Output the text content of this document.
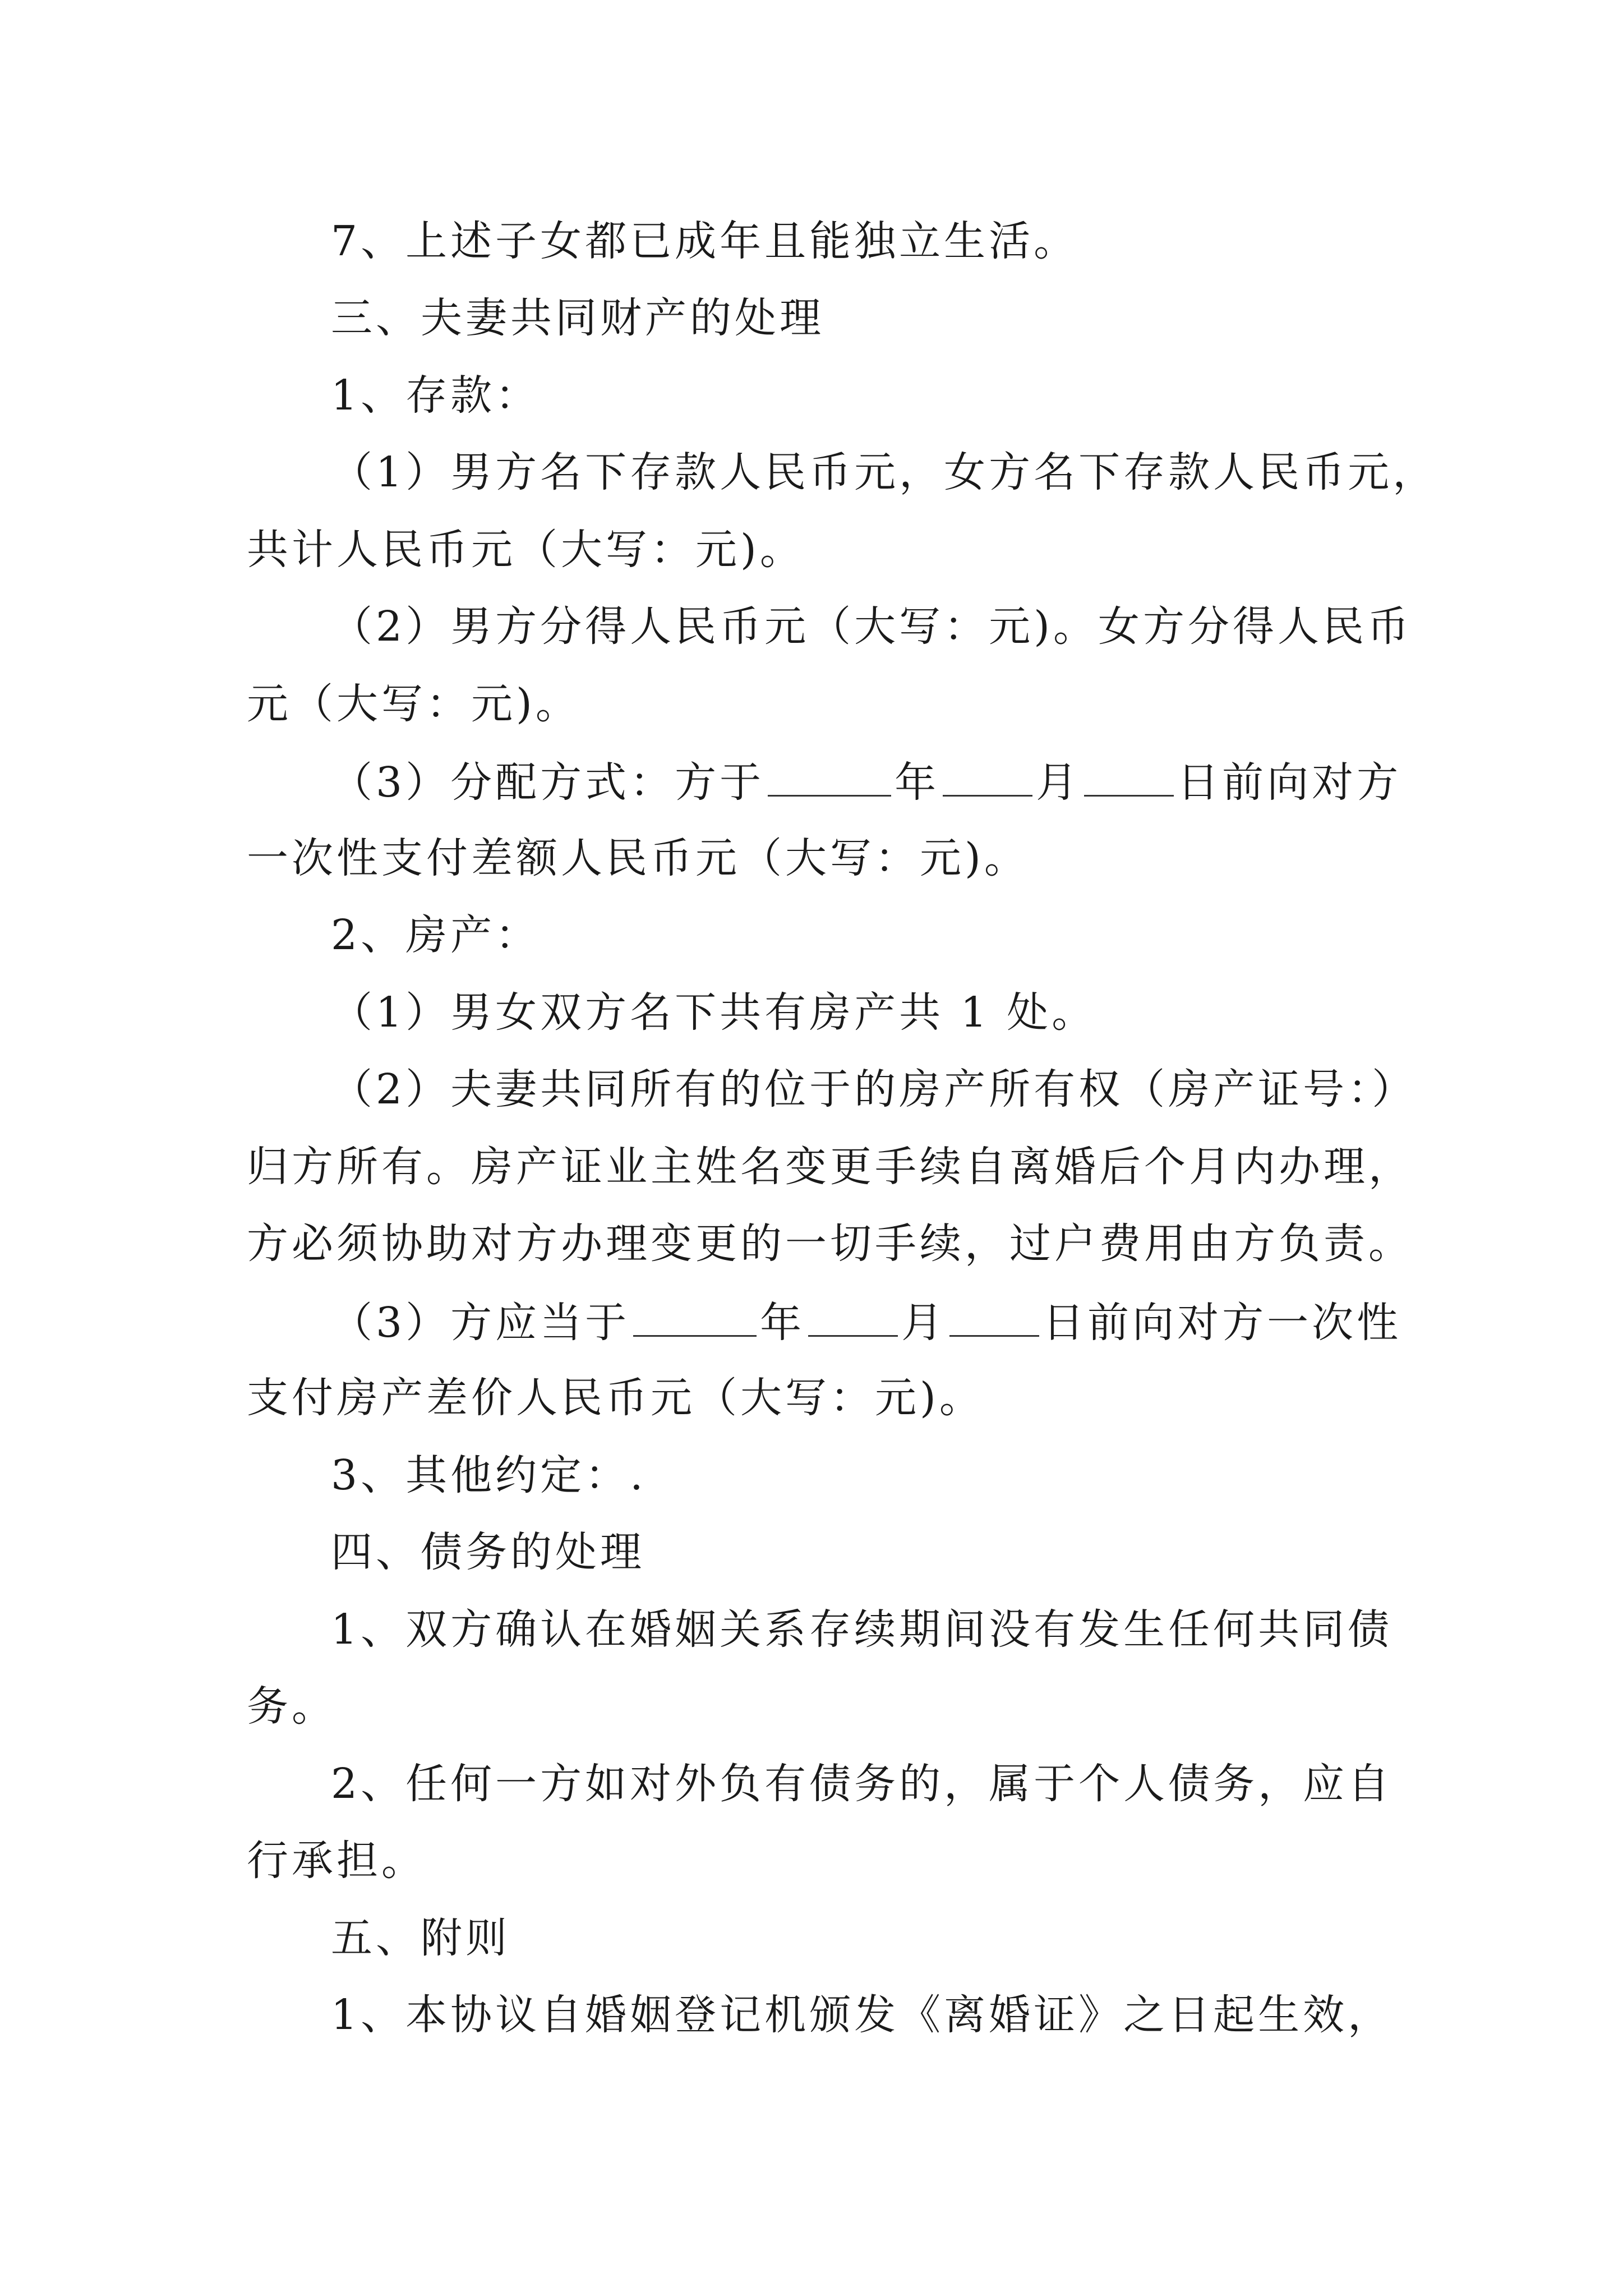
7、上述子女都已成年且能独立生活。
三、夫妻共同财产的处理
1、存款：
（1）男方名下存款人民币元，女方名下存款人民币元，
共计人民币元（大写：元)。
（2）男方分得人民币元（大写：元)。女方分得人民币
元（大写：元)。
（3）分配方式：方于	年 月 日前向对方
一次性支付差额人民币元（大写：元)。
2、房产：
（1）男女双方名下共有房产共 1 处。
（2）夫妻共同所有的位于的房产所有权（房产证号：）
归方所有。房产证业主姓名变更手续自离婚后个月内办理，
方必须协助对方办理变更的一切手续，过户费用由方负责。
（3）方应当于	年 月 日前向对方一次性
支付房产差价人民币元（大写：元)。
3、其他约定：.
四、债务的处理
1、双方确认在婚姻关系存续期间没有发生任何共同债
务。
2、任何一方如对外负有债务的，属于个人债务，应自
行承担。
五、附则
1、本协议自婚姻登记机颁发《离婚证》之日起生效，
